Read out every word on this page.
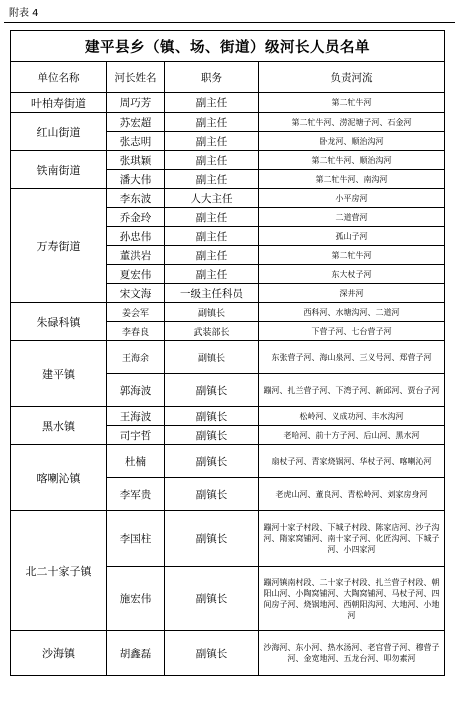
附表 4
建平县乡（镇、场、街道）级河长人员名单			
单位名称	河长姓名	职务	负责河流
叶柏寿街道	周巧芳	副主任	第二牤牛河
红山街道	苏宏超	副主任	第二牤牛河、涝泥塘子河、石金河
	张志明	副主任	卧龙河、顺治沟河
铁南街道	张琪颖	副主任	第二牤牛河、顺治沟河
	潘大伟	副主任	第二牤牛河、南沟河
万寿街道	李东波	人大主任	小平房河
	乔金玲	副主任	二道营河
	孙忠伟	副主任	孤山子河
	董洪岩	副主任	第二牤牛河
	夏宏伟	副主任	东大杖子河
	宋文海	一级主任科员	深井河
朱碌科镇	姜会军	副镇长	西科河、水塘沟河、二道河
	李春良	武装部长	下营子河、七台营子河
建平镇	王海余	副镇长	东张营子河、海山泉河、三义号河、郑营子河
	郭海波	副镇长	蹦河、扎兰营子河、下湾子河、新邱河、贾台子河
黑水镇	王海波	副镇长	松岭河、义成功河、丰水沟河
	司宇哲	副镇长	老哈河、前十方子河、后山河、黑水河
喀喇沁镇	杜楠	副镇长	扇杖子河、青家烧锅河、华杖子河、喀喇沁河
	李军贵	副镇长	老虎山河、董良河、青松岭河、刘家房身河
北二十家子镇	李国柱	副镇长	蹦河十家子村段、下城子村段、陈家店河、沙子沟河、隋家窝铺河、南十家子河、化匠沟河、下城子河、小四家河
	施宏伟	副镇长	蹦河镇南村段、二十家子村段、扎兰营子村段、朝阳山河、小陶窝铺河、大陶窝铺河、马杖子河、四间房子河、烧锅地河、西朝阳沟河、大地河、小地河
沙海镇	胡鑫磊	副镇长	沙海河、东小河、热水汤河、老官营子河、穆营子河、金宽地河、五龙台河、叩勿素河
